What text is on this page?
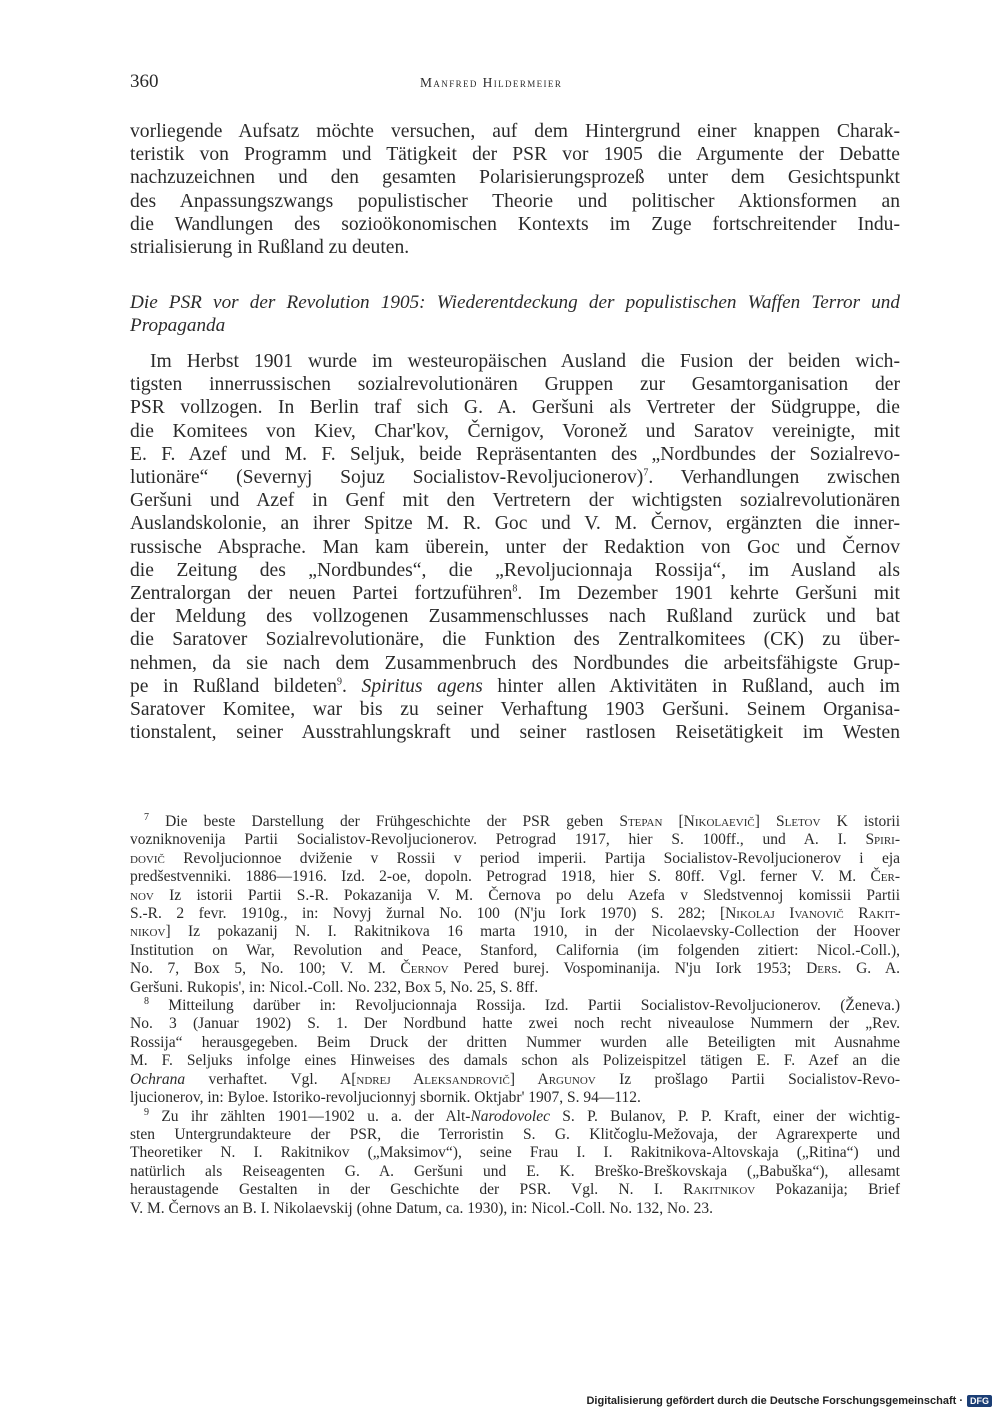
360	Manfred Hildermeier
vorliegende Aufsatz möchte versuchen, auf dem Hintergrund einer knappen Charak-
teristik von Programm und Tätigkeit der PSR vor 1905 die Argumente der Debatte
nachzuzeichnen und den gesamten Polarisierungsprozeß unter dem Gesichtspunkt
des Anpassungszwangs populistischer Theorie und politischer Aktionsformen an
die Wandlungen des sozioökonomischen Kontexts im Zuge fortschreitender Indu-
strialisierung in Rußland zu deuten.
Die PSR vor der Revolution 1905: Wiederentdeckung der populistischen Waffen Terror und
Propaganda
Im Herbst 1901 wurde im westeuropäischen Ausland die Fusion der beiden wich-
tigsten innerrussischen sozialrevolutionären Gruppen zur Gesamtorganisation der
PSR vollzogen. In Berlin traf sich G. A. Geršuni als Vertreter der Südgruppe, die
die Komitees von Kiev, Char'kov, Černigov, Voronež und Saratov vereinigte, mit
E. F. Azef und M. F. Seljuk, beide Repräsentanten des „Nordbundes der Sozialrevo-
lutionäre“ (Severnyj Sojuz Socialistov-Revoljucionerov)$^7$. Verhandlungen zwischen
Geršuni und Azef in Genf mit den Vertretern der wichtigsten sozialrevolutionären
Auslandskolonie, an ihrer Spitze M. R. Goc und V. M. Černov, ergänzten die inner-
russische Absprache. Man kam überein, unter der Redaktion von Goc und Černov
die Zeitung des „Nordbundes“, die „Revoljucionnaja Rossija“, im Ausland als
Zentralorgan der neuen Partei fortzuführen$^8$. Im Dezember 1901 kehrte Geršuni mit
der Meldung des vollzogenen Zusammenschlusses nach Rußland zurück und bat
die Saratover Sozialrevolutionäre, die Funktion des Zentralkomitees (CK) zu über-
nehmen, da sie nach dem Zusammenbruch des Nordbundes die arbeitsfähigste Grup-
pe in Rußland bildeten$^9$. Spiritus agens hinter allen Aktivitäten in Rußland, auch im
Saratover Komitee, war bis zu seiner Verhaftung 1903 Geršuni. Seinem Organisa-
tionstalent, seiner Ausstrahlungskraft und seiner rastlosen Reisetätigkeit im Westen
$^7$ Die beste Darstellung der Frühgeschichte der PSR geben Stepan [Nikolaevič] Sletov K istorii
vozniknovenija Partii Socialistov-Revoljucionerov. Petrograd 1917, hier S. 100ff., und A. I. Spiri-
dovič Revoljucionnoe dviženie v Rossii v period imperii. Partija Socialistov-Revoljucionerov i eja
predšestvenniki. 1886—1916. Izd. 2-oe, dopoln. Petrograd 1918, hier S. 80ff. Vgl. ferner V. M. Čer-
nov Iz istorii Partii S.-R. Pokazanija V. M. Černova po delu Azefa v Sledstvennoj komissii Partii
S.-R. 2 fevr. 1910g., in: Novyj žurnal No. 100 (N'ju Iork 1970) S. 282; [Nikolaj Ivanovič Rakit-
nikov] Iz pokazanij N. I. Rakitnikova 16 marta 1910, in der Nicolaevsky-Collection der Hoover
Institution on War, Revolution and Peace, Stanford, California (im folgenden zitiert: Nicol.-Coll.),
No. 7, Box 5, No. 100; V. M. Černov Pered burej. Vospominanija. N'ju Iork 1953; Ders. G. A.
Geršuni. Rukopis', in: Nicol.-Coll. No. 232, Box 5, No. 25, S. 8ff.
$^8$ Mitteilung darüber in: Revoljucionnaja Rossija. Izd. Partii Socialistov-Revoljucionerov. (Ženeva.)
No. 3 (Januar 1902) S. 1. Der Nordbund hatte zwei noch recht niveaulose Nummern der „Rev.
Rossija“ herausgegeben. Beim Druck der dritten Nummer wurden alle Beteiligten mit Ausnahme
M. F. Seljuks infolge eines Hinweises des damals schon als Polizeispitzel tätigen E. F. Azef an die
Ochrana verhaftet. Vgl. A[ndrej Aleksandrovič] Argunov Iz prošlago Partii Socialistov-Revo-
ljucionerov, in: Byloe. Istoriko-revoljucionnyj sbornik. Oktjabr' 1907, S. 94—112.
$^9$ Zu ihr zählten 1901—1902 u. a. der Alt-Narodovolec S. P. Bulanov, P. P. Kraft, einer der wichtig-
sten Untergrundakteure der PSR, die Terroristin S. G. Klitčoglu-Mežovaja, der Agrarexperte und
Theoretiker N. I. Rakitnikov („Maksimov“), seine Frau I. I. Rakitnikova-Altovskaja („Ritina“) und
natürlich als Reiseagenten G. A. Geršuni und E. K. Breško-Breškovskaja („Babuška“), allesamt
heraustagende Gestalten in der Geschichte der PSR. Vgl. N. I. Rakitnikov Pokazanija; Brief
V. M. Černovs an B. I. Nikolaevskij (ohne Datum, ca. 1930), in: Nicol.-Coll. No. 132, No. 23.
Digitalisierung gefördert durch die Deutsche Forschungsgemeinschaft · DFG
